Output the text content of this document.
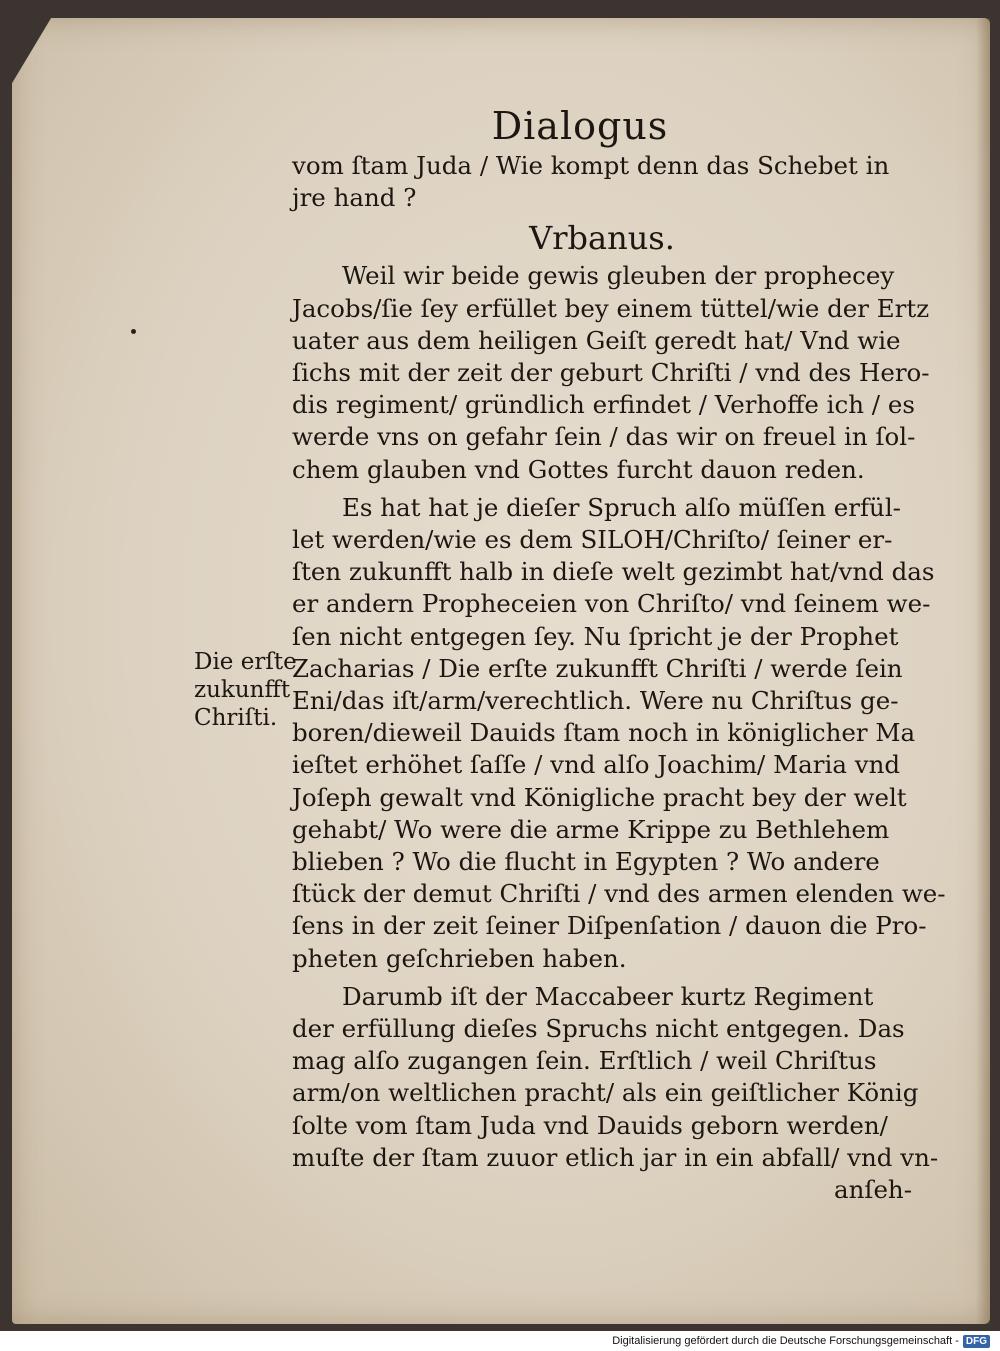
Dialogus
vom ſtam Juda / Wie kompt denn das Schebet in
jre hand ?
Vrbanus.
Weil wir beide gewis gleuben der prophecey
Jacobs/ſie ſey erfüllet bey einem tüttel/wie der Ertz
uater aus dem heiligen Geiſt geredt hat/ Vnd wie
ſichs mit der zeit der geburt Chriſti / vnd des Hero-
dis regiment/ gründlich erfindet / Verhoffe ich / es
werde vns on gefahr ſein / das wir on freuel in ſol-
chem glauben vnd Gottes furcht dauon reden.
Es hat hat je dieſer Spruch alſo müſſen erfül-
let werden/wie es dem SILOH/Chriſto/ ſeiner er-
ſten zukunfft halb in dieſe welt gezimbt hat/vnd das
er andern Propheceien von Chriſto/ vnd ſeinem we-
ſen nicht entgegen ſey. Nu ſpricht je der Prophet
Zacharias / Die erſte zukunfft Chriſti / werde ſein
Eni/das iſt/arm/verechtlich. Were nu Chriſtus ge-
boren/dieweil Dauids ſtam noch in königlicher Ma
ieſtet erhöhet ſaſſe / vnd alſo Joachim/ Maria vnd
Joſeph gewalt vnd Königliche pracht bey der welt
gehabt/ Wo were die arme Krippe zu Bethlehem
blieben ? Wo die flucht in Egypten ? Wo andere
ſtück der demut Chriſti / vnd des armen elenden we-
ſens in der zeit ſeiner Diſpenſation / dauon die Pro-
pheten geſchrieben haben.
Darumb iſt der Maccabeer kurtz Regiment
der erfüllung dieſes Spruchs nicht entgegen. Das
mag alſo zugangen ſein. Erſtlich / weil Chriſtus
arm/on weltlichen pracht/ als ein geiſtlicher König
ſolte vom ſtam Juda vnd Dauids geborn werden/
muſte der ſtam zuuor etlich jar in ein abfall/ vnd vn-
anſeh-
Die erſte
zukunfft
Chriſti.
Digitalisierung gefördert durch die Deutsche Forschungsgemeinschaft - DFG
